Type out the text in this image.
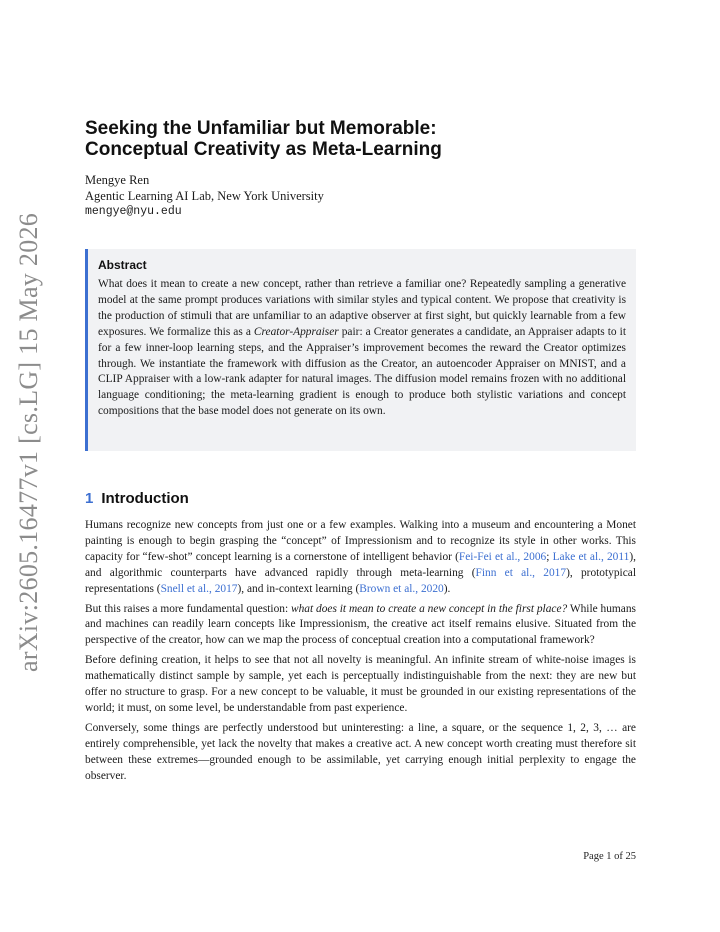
arXiv:2605.16477v1 [cs.LG] 15 May 2026
Seeking the Unfamiliar but Memorable:
Conceptual Creativity as Meta-Learning
Mengye Ren
Agentic Learning AI Lab, New York University
mengye@nyu.edu
Abstract
What does it mean to create a new concept, rather than retrieve a familiar one? Repeatedly sampling a generative model at the same prompt produces variations with similar styles and typical content. We propose that creativity is the production of stimuli that are unfamiliar to an adaptive observer at first sight, but quickly learnable from a few exposures. We formalize this as a Creator-Appraiser pair: a Creator generates a candidate, an Appraiser adapts to it for a few inner-loop learning steps, and the Appraiser’s improvement becomes the reward the Creator optimizes through. We instantiate the framework with diffusion as the Creator, an autoencoder Appraiser on MNIST, and a CLIP Appraiser with a low-rank adapter for natural images. The diffusion model remains frozen with no additional language conditioning; the meta-learning gradient is enough to produce both stylistic variations and concept compositions that the base model does not generate on its own.
1 Introduction

Humans recognize new concepts from just one or a few examples. Walking into a museum and encountering a Monet painting is enough to begin grasping the “concept” of Impressionism and to recognize its style in other works. This capacity for “few-shot” concept learning is a cornerstone of intelligent behavior (Fei-Fei et al., 2006; Lake et al., 2011), and algorithmic counterparts have advanced rapidly through meta-learning (Finn et al., 2017), prototypical representations (Snell et al., 2017), and in-context learning (Brown et al., 2020).

But this raises a more fundamental question: what does it mean to create a new concept in the first place? While humans and machines can readily learn concepts like Impressionism, the creative act itself remains elusive. Situated from the perspective of the creator, how can we map the process of conceptual creation into a computational framework?

Before defining creation, it helps to see that not all novelty is meaningful. An infinite stream of white-noise images is mathematically distinct sample by sample, yet each is perceptually indistinguishable from the next: they are new but offer no structure to grasp. For a new concept to be valuable, it must be grounded in our existing representations of the world; it must, on some level, be understandable from past experience.

Conversely, some things are perfectly understood but uninteresting: a line, a square, or the sequence 1, 2, 3, … are entirely comprehensible, yet lack the novelty that makes a creative act. A new concept worth creating must therefore sit between these extremes—grounded enough to be assimilable, yet carrying enough initial perplexity to engage the observer.

Page 1 of 25
